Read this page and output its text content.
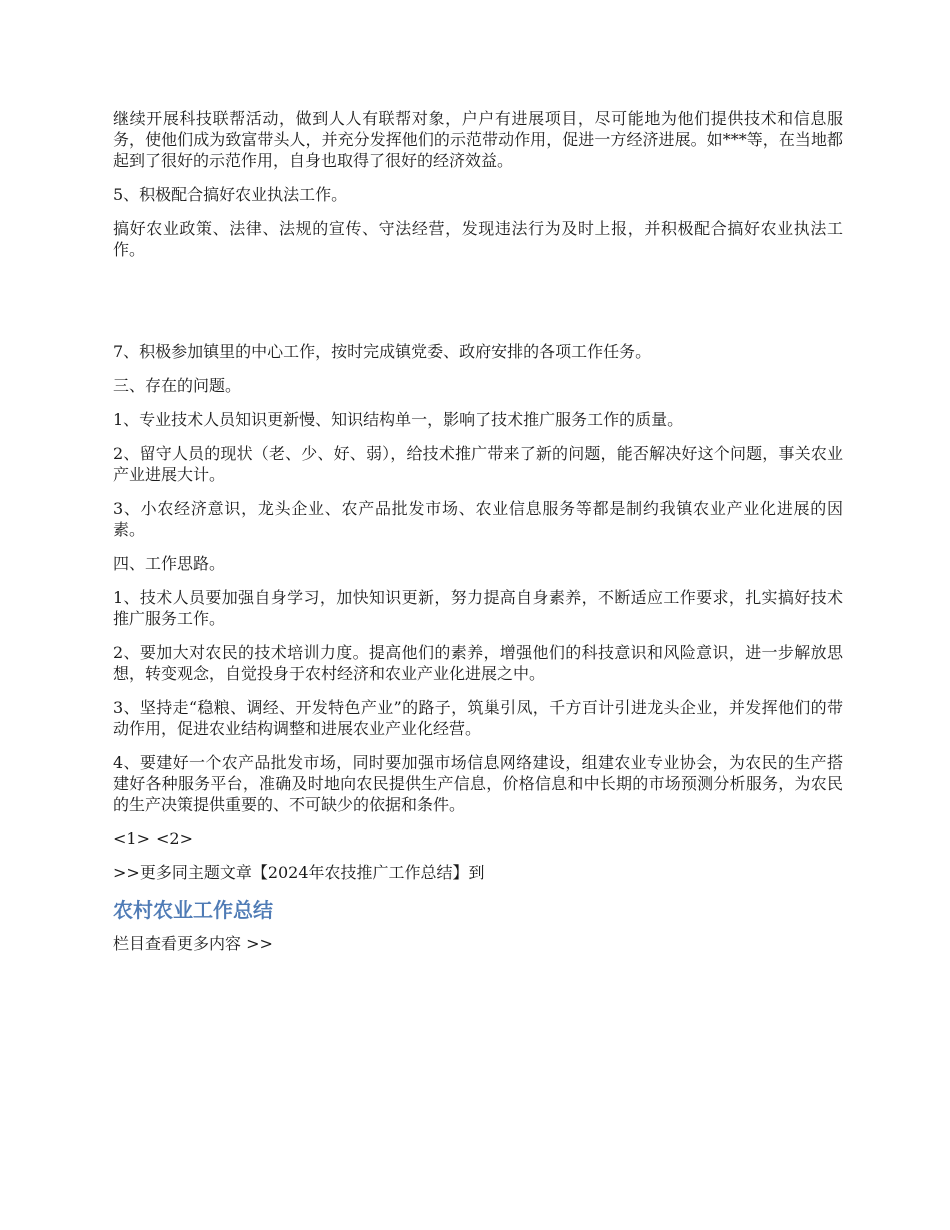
继续开展科技联帮活动，做到人人有联帮对象，户户有进展项目，尽可能地为他们提供技术和信息服务，使他们成为致富带头人，并充分发挥他们的示范带动作用，促进一方经济进展。如***等，在当地都起到了很好的示范作用，自身也取得了很好的经济效益。

5、积极配合搞好农业执法工作。

搞好农业政策、法律、法规的宣传、守法经营，发现违法行为及时上报，并积极配合搞好农业执法工作。

7、积极参加镇里的中心工作，按时完成镇党委、政府安排的各项工作任务。

三、存在的问题。

1、专业技术人员知识更新慢、知识结构单一，影响了技术推广服务工作的质量。

2、留守人员的现状（老、少、好、弱），给技术推广带来了新的问题，能否解决好这个问题，事关农业产业进展大计。

3、小农经济意识，龙头企业、农产品批发市场、农业信息服务等都是制约我镇农业产业化进展的因素。

四、工作思路。

1、技术人员要加强自身学习，加快知识更新，努力提高自身素养，不断适应工作要求，扎实搞好技术推广服务工作。

2、要加大对农民的技术培训力度。提高他们的素养，增强他们的科技意识和风险意识，进一步解放思想，转变观念，自觉投身于农村经济和农业产业化进展之中。

3、坚持走“稳粮、调经、开发特色产业”的路子，筑巢引凤，千方百计引进龙头企业，并发挥他们的带动作用，促进农业结构调整和进展农业产业化经营。

4、要建好一个农产品批发市场，同时要加强市场信息网络建设，组建农业专业协会，为农民的生产搭建好各种服务平台，准确及时地向农民提供生产信息，价格信息和中长期的市场预测分析服务，为农民的生产决策提供重要的、不可缺少的依据和条件。

<1> <2>

>>更多同主题文章【2024年农技推广工作总结】到

农村农业工作总结

栏目查看更多内容 >>
